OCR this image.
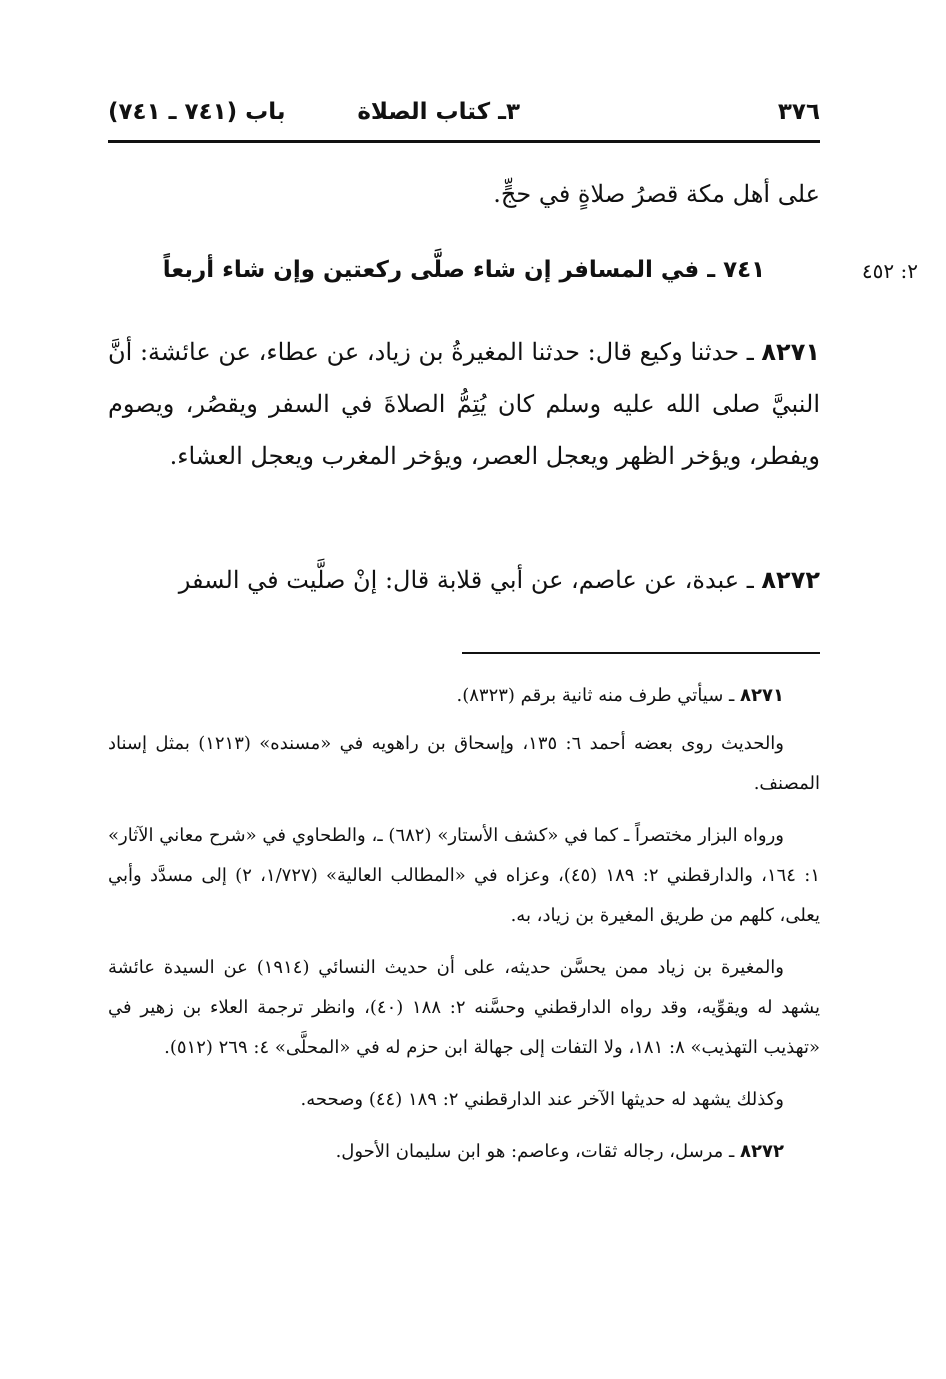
٣٧٦
٣ـ كتاب الصلاة
باب (٧٤١ ـ ٧٤١)
على أهل مكة قصرُ صلاةٍ في حجٍّ.
٢: ٤٥٢
٧٤١ ـ في المسافر إن شاء صلَّى ركعتين وإن شاء أربعاً
٨٢٧١ ـ حدثنا وكيع قال: حدثنا المغيرةُ بن زياد، عن عطاء، عن عائشة: أنَّ النبيَّ صلى الله عليه وسلم كان يُتِمُّ الصلاةَ في السفر ويقصُر، ويصوم ويفطر، ويؤخر الظهر ويعجل العصر، ويؤخر المغرب ويعجل العشاء.
٨٢٧٢ ـ عبدة، عن عاصم، عن أبي قلابة قال: إنْ صلَّيت في السفر

٨٢٧١ ـ سيأتي طرف منه ثانية برقم (٨٣٢٣).

والحديث روى بعضه أحمد ٦: ١٣٥، وإسحاق بن راهويه في «مسنده» (١٢١٣) بمثل إسناد المصنف.

ورواه البزار مختصراً ـ كما في «كشف الأستار» (٦٨٢) ـ، والطحاوي في «شرح معاني الآثار» ١: ١٦٤، والدارقطني ٢: ١٨٩ (٤٥)، وعزاه في «المطالب العالية» (١/٧٢٧، ٢) إلى مسدَّد وأبي يعلى، كلهم من طريق المغيرة بن زياد، به.

والمغيرة بن زياد ممن يحسَّن حديثه، على أن حديث النسائي (١٩١٤) عن السيدة عائشة يشهد له ويقوِّيه، وقد رواه الدارقطني وحسَّنه ٢: ١٨٨ (٤٠)، وانظر ترجمة العلاء بن زهير في «تهذيب التهذيب» ٨: ١٨١، ولا التفات إلى جهالة ابن حزم له في «المحلَّى» ٤: ٢٦٩ (٥١٢).

وكذلك يشهد له حديثها الآخر عند الدارقطني ٢: ١٨٩ (٤٤) وصححه.

٨٢٧٢ ـ مرسل، رجاله ثقات، وعاصم: هو ابن سليمان الأحول.
